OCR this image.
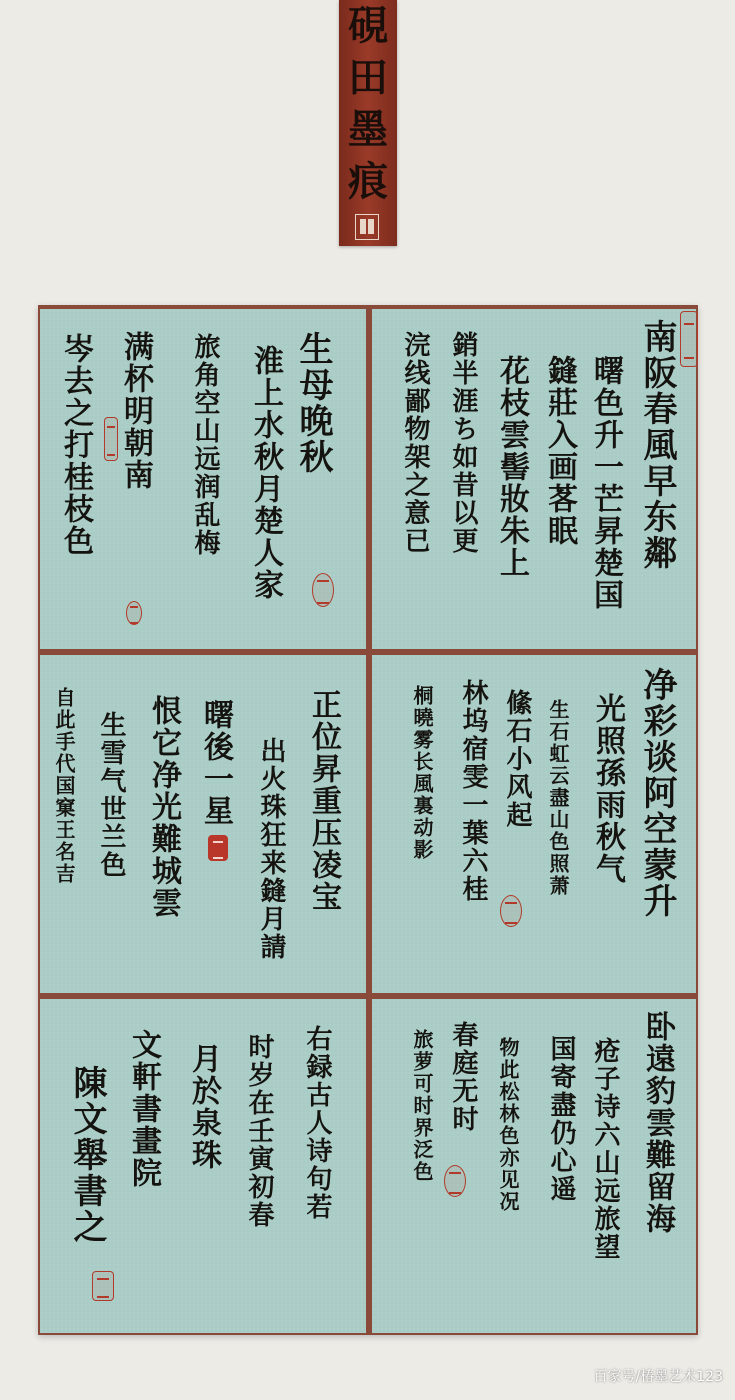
硯
田
墨
痕
南阪春風早东鄰
曙色升一芒昇楚国
鏠莊入画茖眠
花枝雲髻妝朱上
銷半涯ち如昔以更
浣线鄙物架之意已
生母晚秋
淮上水秋月楚人家
旅角空山远润乱梅
满杯明朝南
岑去之打桂枝色
净彩谈阿空蒙升
光照孫雨秋气
生石虹云盡山色照萧
絛石小风起
林坞宿雯一葉六桂
桐曉雾长風裏动影
正位昇重压凌宝
出火珠狂来鏠月請
曙後一星
恨它净光難城雲
生雪气世兰色
自此手代国窠王名吉
卧遠豹雲難留海
疮子诗六山远旅望
国寄盡仍心遥
物此松林色亦见况
春庭无时
旅萝可时界泛色
右録古人诗句若
时岁在壬寅初春
月於泉珠
文軒書畫院
陳文舉書之
百家号/椿墨艺术123
